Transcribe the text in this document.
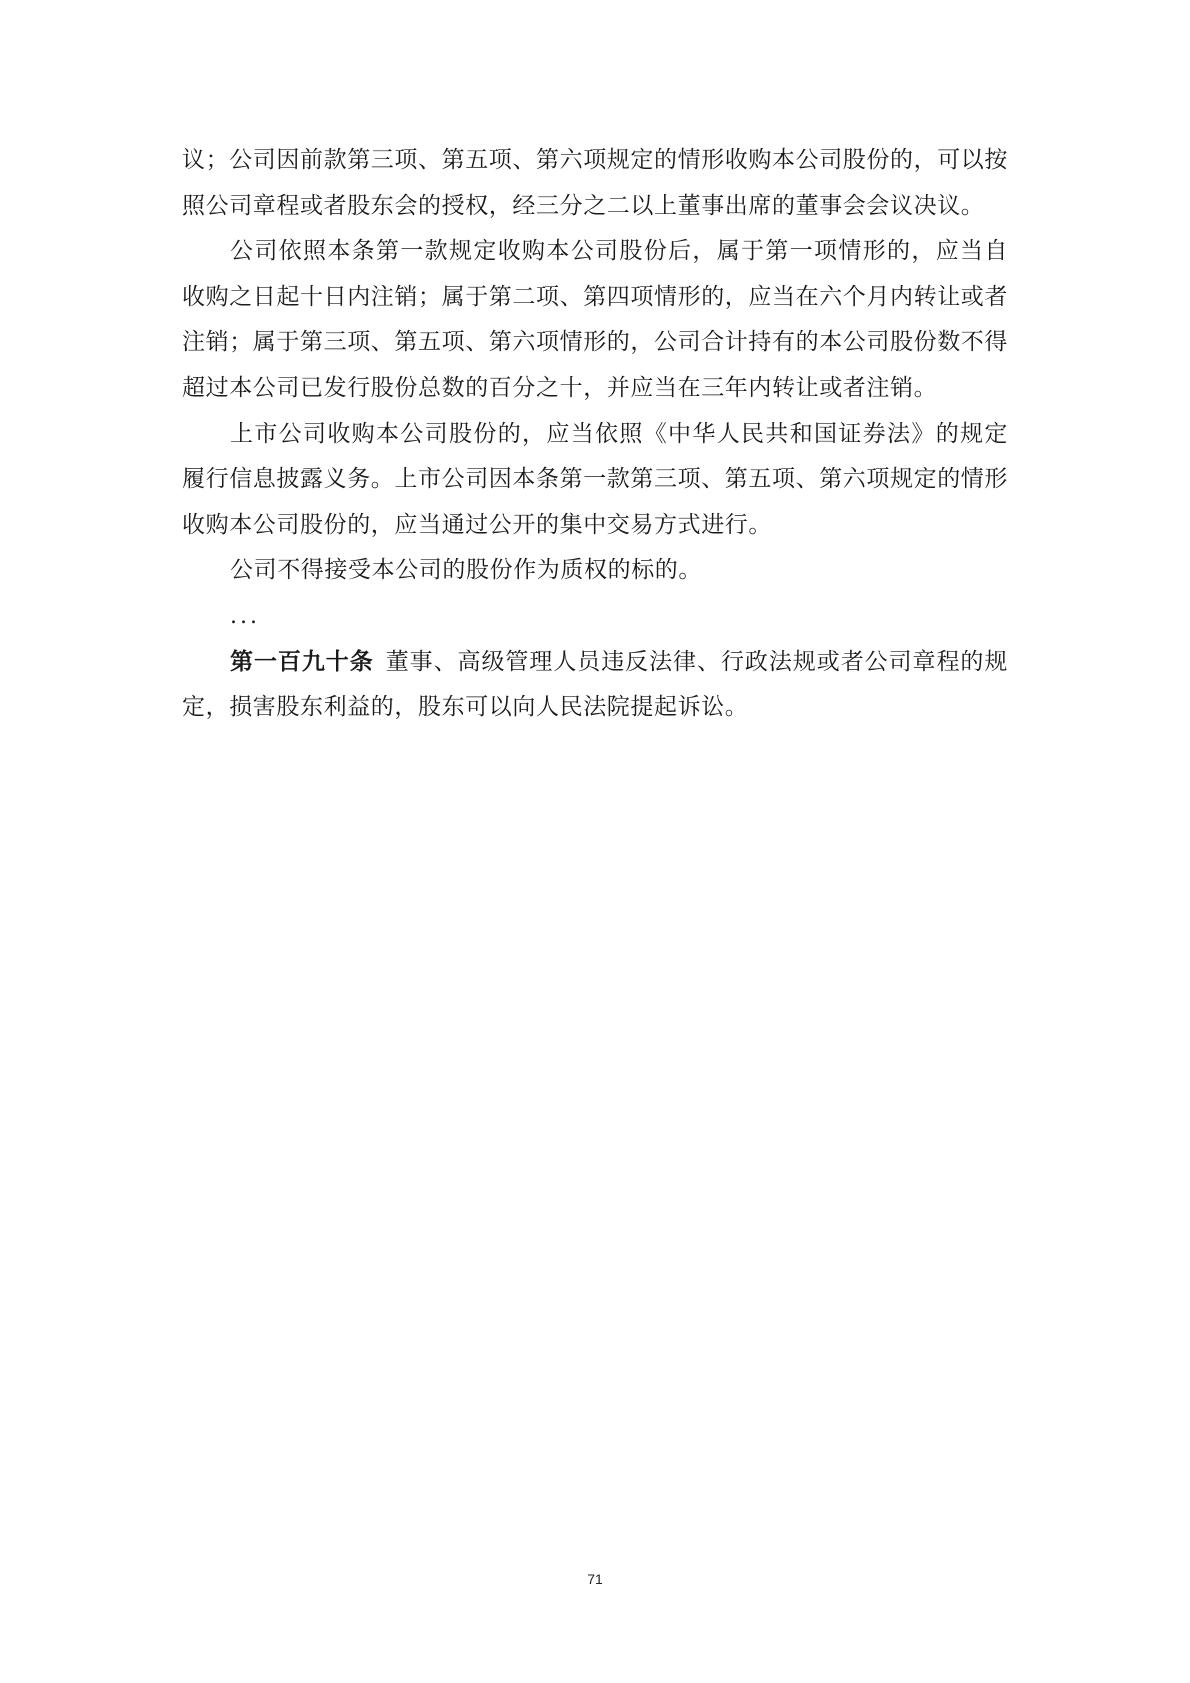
议；公司因前款第三项、第五项、第六项规定的情形收购本公司股份的，可以按照公司章程或者股东会的授权，经三分之二以上董事出席的董事会会议决议。

公司依照本条第一款规定收购本公司股份后，属于第一项情形的，应当自收购之日起十日内注销；属于第二项、第四项情形的，应当在六个月内转让或者注销；属于第三项、第五项、第六项情形的，公司合计持有的本公司股份数不得超过本公司已发行股份总数的百分之十，并应当在三年内转让或者注销。

上市公司收购本公司股份的，应当依照《中华人民共和国证券法》的规定履行信息披露义务。上市公司因本条第一款第三项、第五项、第六项规定的情形收购本公司股份的，应当通过公开的集中交易方式进行。

公司不得接受本公司的股份作为质权的标的。

...

第一百九十条 董事、高级管理人员违反法律、行政法规或者公司章程的规定，损害股东利益的，股东可以向人民法院提起诉讼。

71
